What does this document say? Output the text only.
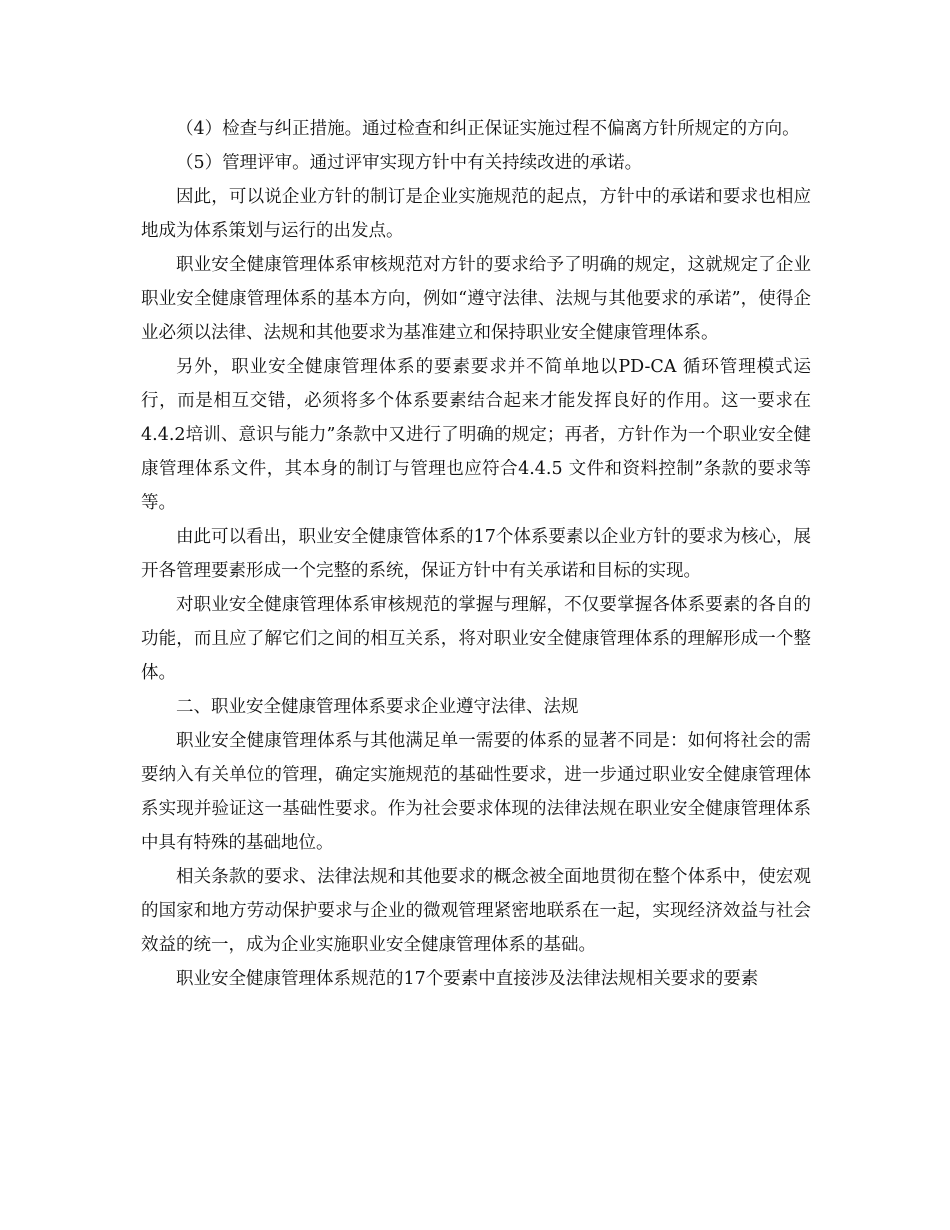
（4）检查与纠正措施。通过检查和纠正保证实施过程不偏离方针所规定的方向。

（5）管理评审。通过评审实现方针中有关持续改进的承诺。

因此，可以说企业方针的制订是企业实施规范的起点，方针中的承诺和要求也相应地成为体系策划与运行的出发点。

职业安全健康管理体系审核规范对方针的要求给予了明确的规定，这就规定了企业职业安全健康管理体系的基本方向，例如“遵守法律、法规与其他要求的承诺”，使得企业必须以法律、法规和其他要求为基准建立和保持职业安全健康管理体系。

另外，职业安全健康管理体系的要素要求并不简单地以PD-CA 循环管理模式运行，而是相互交错，必须将多个体系要素结合起来才能发挥良好的作用。这一要求在4.4.2培训、意识与能力”条款中又进行了明确的规定；再者，方针作为一个职业安全健康管理体系文件，其本身的制订与管理也应符合4.4.5 文件和资料控制”条款的要求等等。

由此可以看出，职业安全健康管体系的17个体系要素以企业方针的要求为核心，展开各管理要素形成一个完整的系统，保证方针中有关承诺和目标的实现。

对职业安全健康管理体系审核规范的掌握与理解，不仅要掌握各体系要素的各自的功能，而且应了解它们之间的相互关系，将对职业安全健康管理体系的理解形成一个整体。

二、职业安全健康管理体系要求企业遵守法律、法规

职业安全健康管理体系与其他满足单一需要的体系的显著不同是：如何将社会的需要纳入有关单位的管理，确定实施规范的基础性要求，进一步通过职业安全健康管理体系实现并验证这一基础性要求。作为社会要求体现的法律法规在职业安全健康管理体系中具有特殊的基础地位。

相关条款的要求、法律法规和其他要求的概念被全面地贯彻在整个体系中，使宏观的国家和地方劳动保护要求与企业的微观管理紧密地联系在一起，实现经济效益与社会效益的统一，成为企业实施职业安全健康管理体系的基础。

职业安全健康管理体系规范的17个要素中直接涉及法律法规相关要求的要素
